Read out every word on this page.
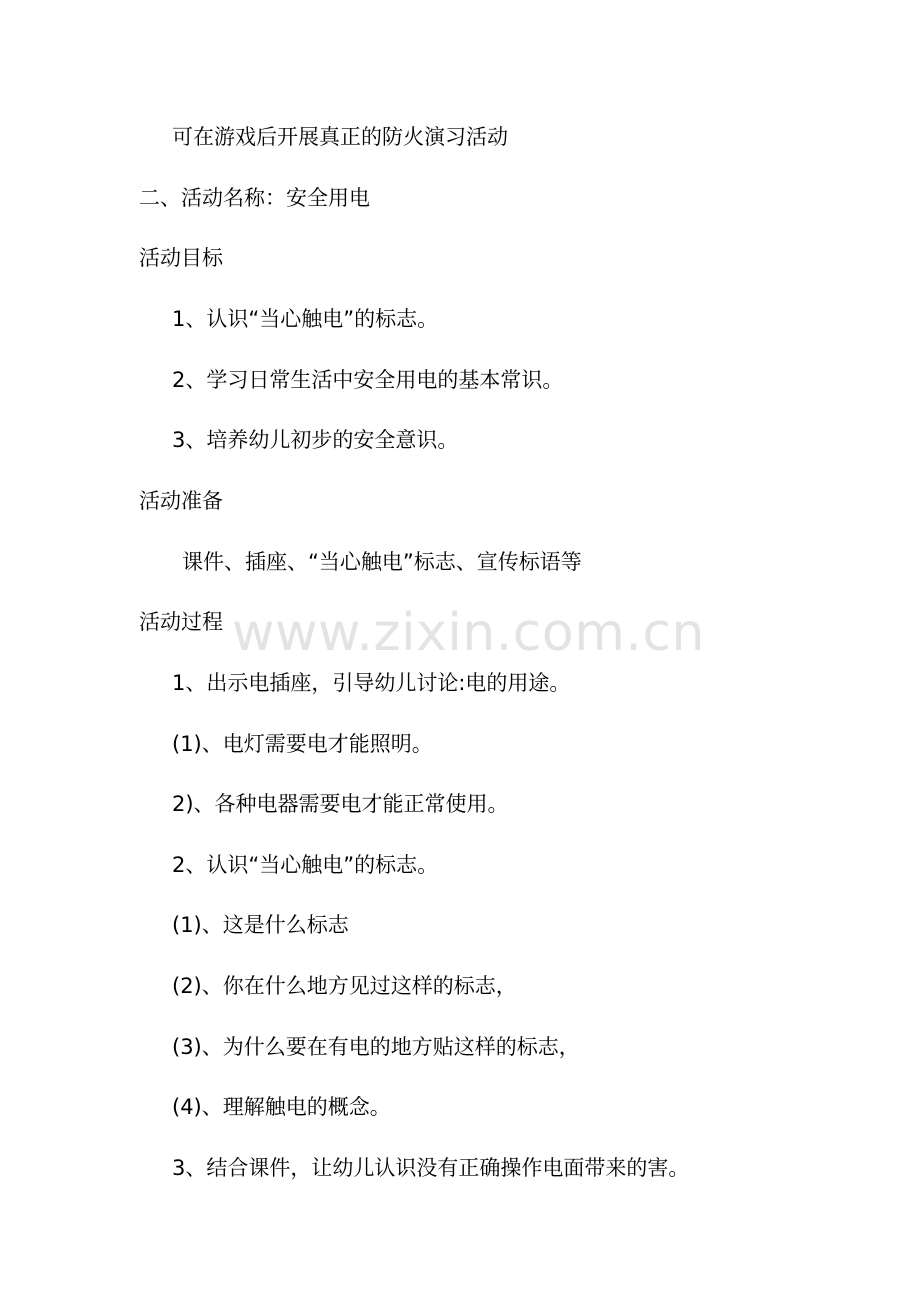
www.zixin.com.cn
可在游戏后开展真正的防火演习活动
二、活动名称：安全用电
活动目标
1、认识“当心触电”的标志。
2、学习日常生活中安全用电的基本常识。
3、培养幼儿初步的安全意识。
活动准备
课件、插座、“当心触电”标志、宣传标语等
活动过程
1、出示电插座，引导幼儿讨论:电的用途。
(1)、电灯需要电才能照明。
2)、各种电器需要电才能正常使用。
2、认识“当心触电”的标志。
(1)、这是什么标志
(2)、你在什么地方见过这样的标志，
(3)、为什么要在有电的地方贴这样的标志，
(4)、理解触电的概念。
3、结合课件，让幼儿认识没有正确操作电面带来的害。
